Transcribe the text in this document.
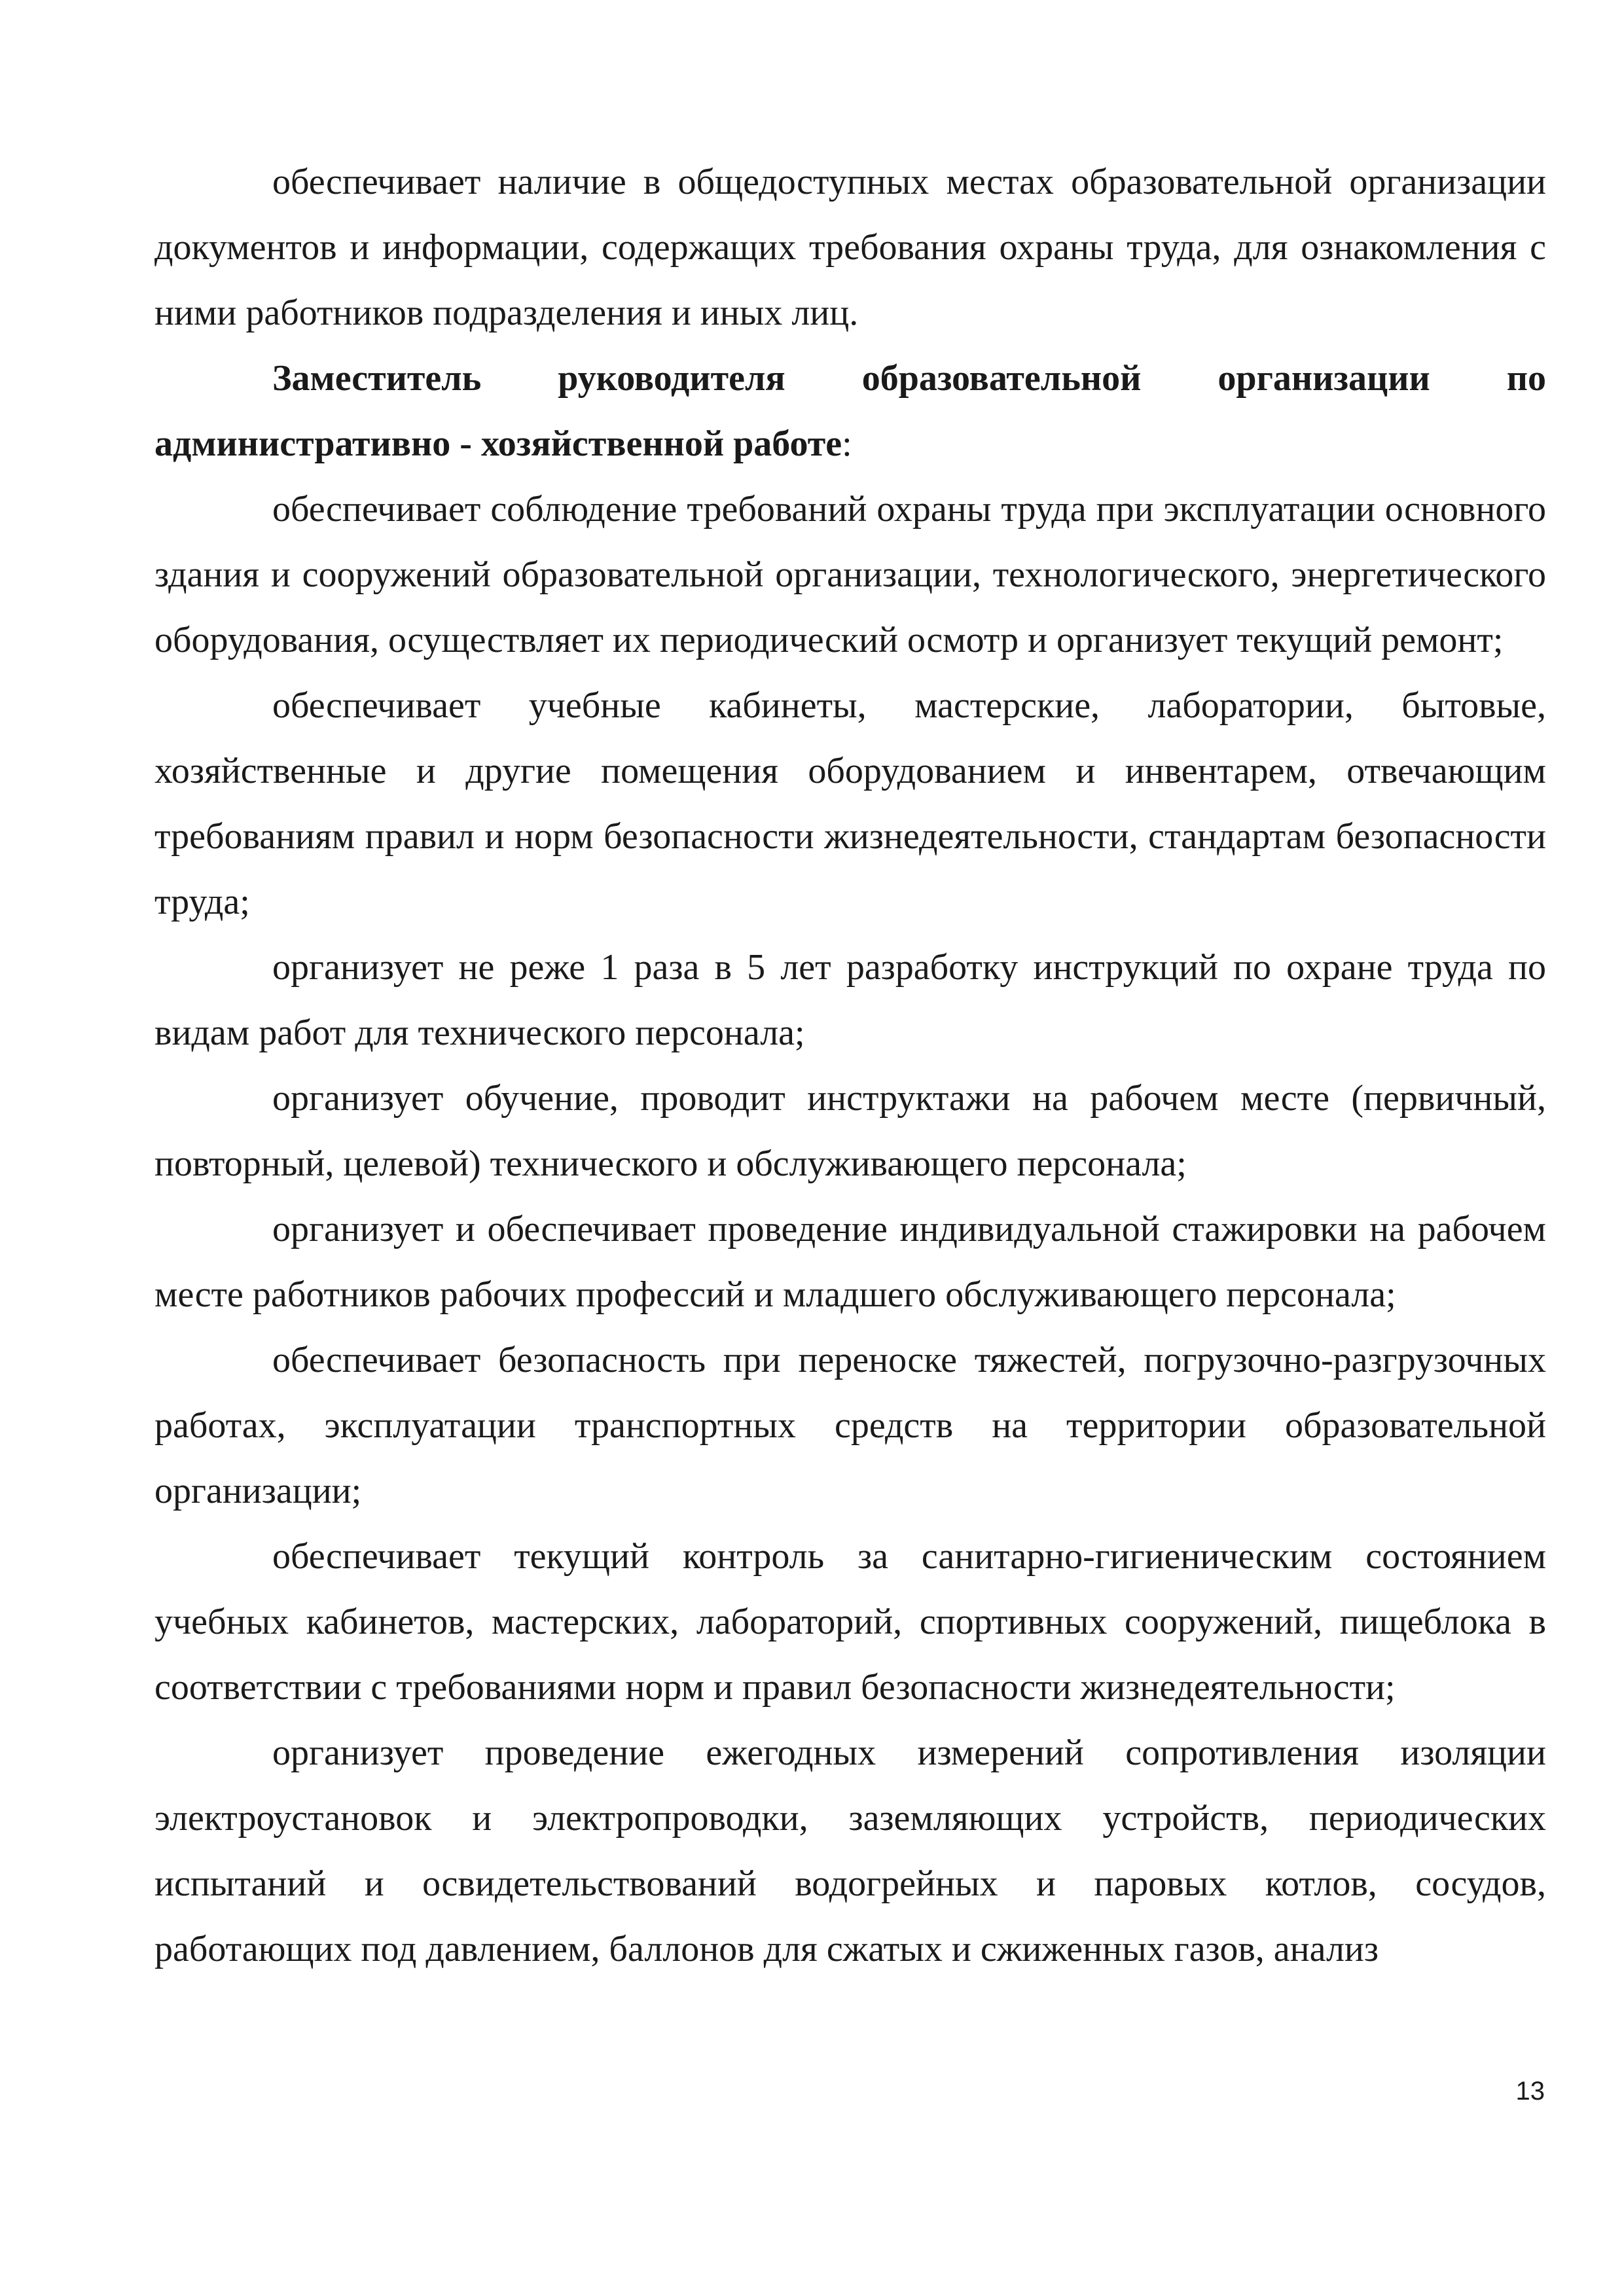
обеспечивает наличие в общедоступных местах образовательной организации документов и информации, содержащих требования охраны труда, для ознакомления с ними работников подразделения и иных лиц.

Заместитель руководителя образовательной организации по административно - хозяйственной работе:

обеспечивает соблюдение требований охраны труда при эксплуатации основного здания и сооружений образовательной организации, технологического, энергетического оборудования, осуществляет их периодический осмотр и организует текущий ремонт;

обеспечивает учебные кабинеты, мастерские, лаборатории, бытовые, хозяйственные и другие помещения оборудованием и инвентарем, отвечающим требованиям правил и норм безопасности жизнедеятельности, стандартам безопасности труда;

организует не реже 1 раза в 5 лет разработку инструкций по охране труда по видам работ для технического персонала;

организует обучение, проводит инструктажи на рабочем месте (первичный, повторный, целевой) технического и обслуживающего персонала;

организует и обеспечивает проведение индивидуальной стажировки на рабочем месте работников рабочих профессий и младшего обслуживающего персонала;

обеспечивает безопасность при переноске тяжестей, погрузочно-разгрузочных работах, эксплуатации транспортных средств на территории образовательной организации;

обеспечивает текущий контроль за санитарно-гигиеническим состоянием учебных кабинетов, мастерских, лабораторий, спортивных сооружений, пищеблока в соответствии с требованиями норм и правил безопасности жизнедеятельности;

организует проведение ежегодных измерений сопротивления изоляции электроустановок и электропроводки, заземляющих устройств, периодических испытаний и освидетельствований водогрейных и паровых котлов, сосудов, работающих под давлением, баллонов для сжатых и сжиженных газов, анализ

13
